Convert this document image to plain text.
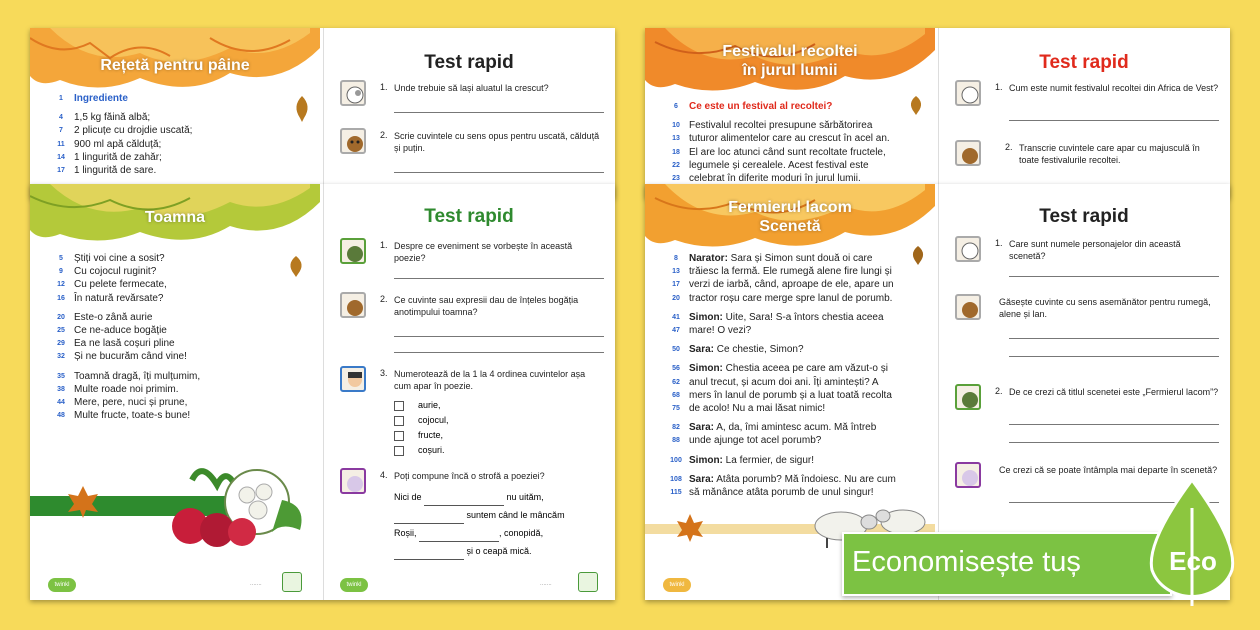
Rețetă pentru pâine
1	Ingrediente
4	1,5 kg făină albă;
7	2 plicuțe cu drojdie uscată;
11 900 ml apă călduță;
14 1 lingurită de zahăr;
17 1 lingurită de sare.
Test rapid
1. Unde trebuie să lași aluatul la crescut?
2. Scrie cuvintele cu sens opus pentru uscată, călduță și puțin.
Toamna
5	Știți voi cine a sosit?
9	Cu cojocul ruginit?
12 Cu pelete fermecate,
16 În natură revărsate?
20 Este-o zână aurie
25 Ce ne-aduce bogăție
29 Ea ne lasă coșuri pline
32 Și ne bucurăm când vine!
35 Toamnă dragă, îți mulțumim,
38 Multe roade noi primim.
44 Mere, pere, nuci și prune,
48 Multe fructe, toate-s bune!
twinkl	·······
Test rapid
1. Despre ce eveniment se vorbește în această poezie?
2. Ce cuvinte sau expresii dau de înțeles bogăția anotimpului toamna?
3. Numerotează de la 1 la 4 ordinea cuvintelor așa cum apar în poezie.
aurie,
cojocul,
fructe,
coșuri.
4. Poți compune încă o strofă a poeziei?
Nici de	nu uităm,
suntem când le mâncăm
Roșii,	, conopidă,
și o ceapă mică.
twinkl	·······
Festivalul recoltei în jurul lumii
6	Ce este un festival al recoltei?
10 Festivalul recoltei presupune sărbătorirea
13 tuturor alimentelor care au crescut în acel an.
18 El are loc atunci când sunt recoltate fructele,
22 legumele și cerealele. Acest festival este
23 celebrat în diferite moduri în jurul lumii.
Test rapid
1. Cum este numit festivalul recoltei din Africa de Vest?
2. Transcrie cuvintele care apar cu majusculă în toate festivalurile recoltei.
Fermierul lacom Scenetă
8	Narator: Sara și Simon sunt două oi care
13 trăiesc la fermă. Ele rumegă alene fire lungi și
17 verzi de iarbă, când, aproape de ele, apare un
20 tractor roșu care merge spre lanul de porumb.
41 Simon: Uite, Sara! S-a întors chestia aceea
47 mare! O vezi?
50 Sara: Ce chestie, Simon?
56 Simon: Chestia aceea pe care am văzut-o și
62 anul trecut, și acum doi ani. Îți amintești? A
68 mers în lanul de porumb și a luat toată recolta
75 de acolo! Nu a mai lăsat nimic!
82 Sara: A, da, îmi amintesc acum. Mă întreb
88 unde ajunge tot acel porumb?
100 Simon: La fermier, de sigur!
108 Sara: Atâta porumb? Mă îndoiesc. Nu are cum
115 să mănânce atâta porumb de unul singur!
twinkl
Test rapid
1. Care sunt numele personajelor din această scenetă?
Găsește cuvinte cu sens asemănător pentru rumegă, alene și lan.
2. De ce crezi că titlul scenetei este „Fermierul lacom”?
Ce crezi că se poate întâmpla mai departe în scenetă?
Economisește tuș	Eco
